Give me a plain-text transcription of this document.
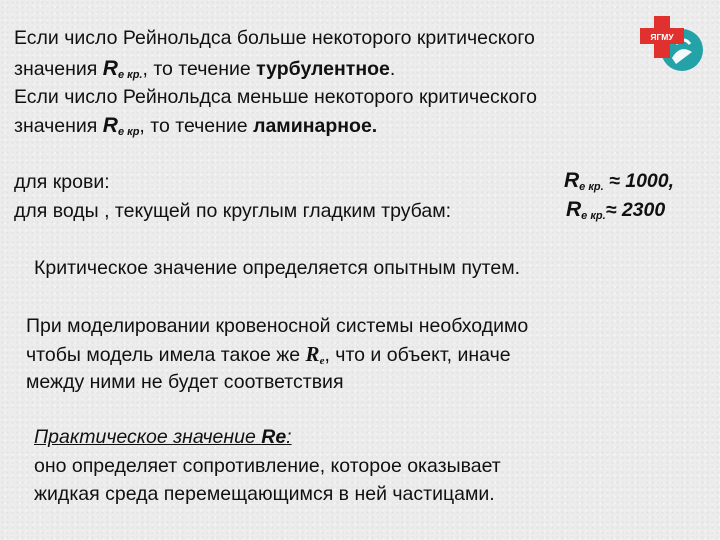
ЯГМУ
Если число Рейнольдса больше некоторого критического
значения $R_{е кр.}$, то течение турбулентное.
Если число Рейнольдса меньше некоторого критического
значения $R_{е кр}$, то течение ламинарное.
для крови:	$R_{е кр.} \approx 1000$,
для воды , текущей по круглым гладким трубам:	$R_{е кр.}\approx 2300$
Критическое значение определяется опытным путем.
При моделировании кровеносной системы необходимо
чтобы модель имела такое же $R_е$, что и объект, иначе
между ними не будет соответствия
Практическое значение Re:
оно определяет сопротивление, которое оказывает
жидкая среда перемещающимся в ней частицами.
